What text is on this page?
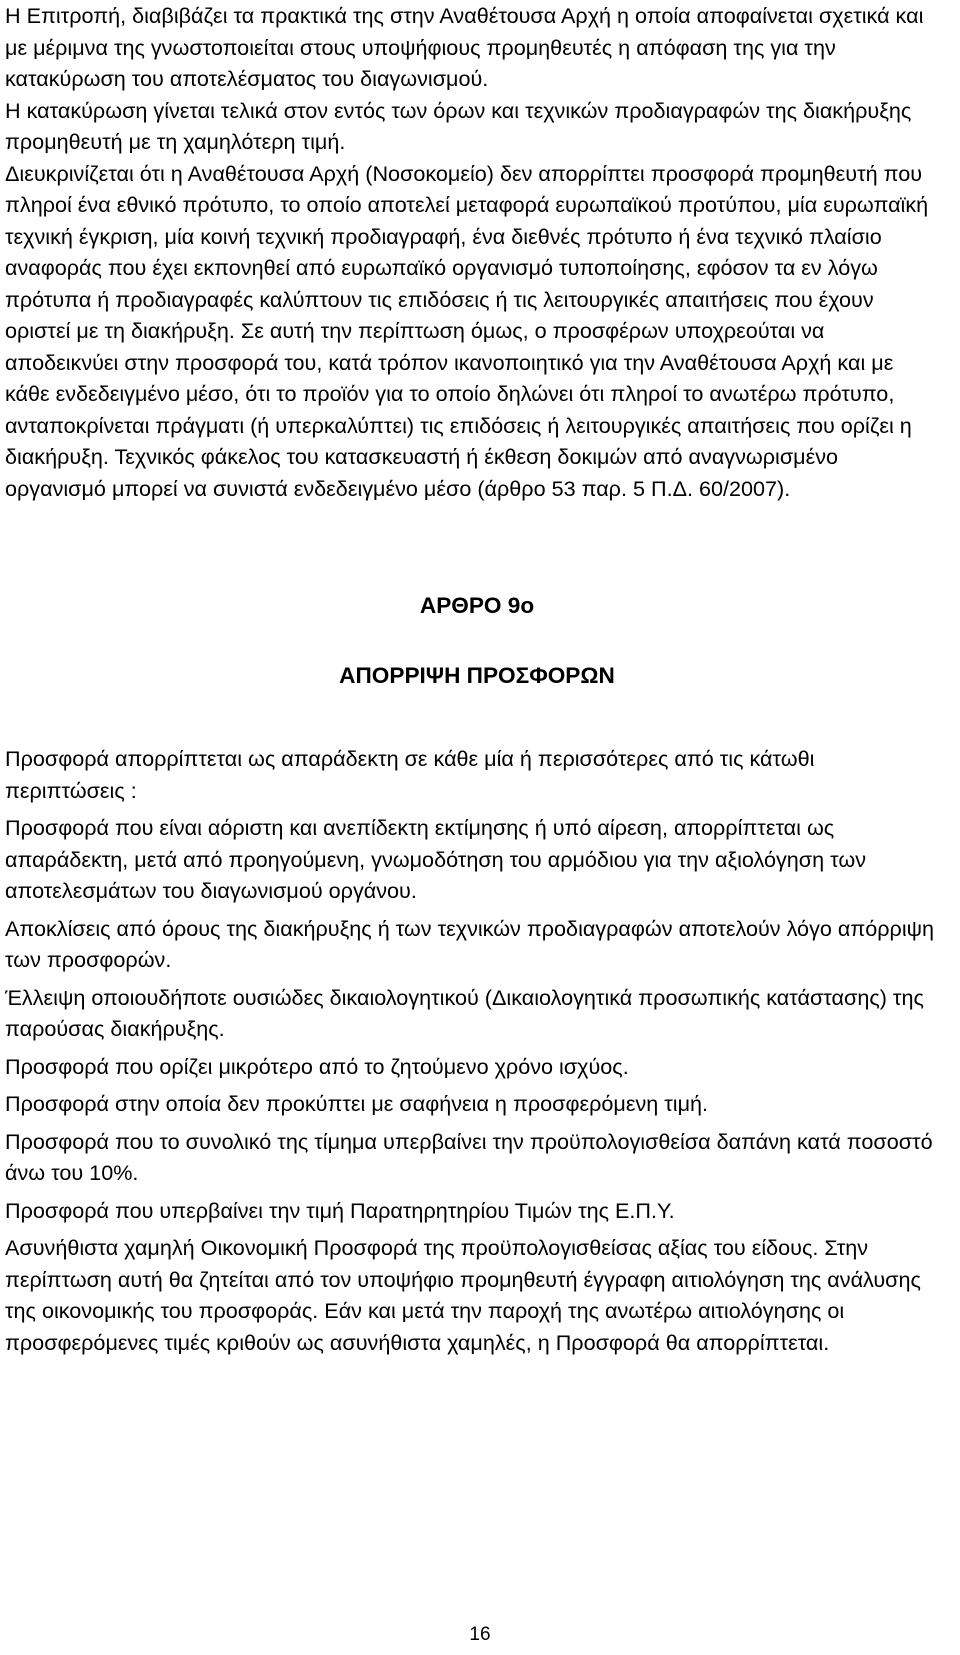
Η Επιτροπή, διαβιβάζει τα πρακτικά της στην Αναθέτουσα Αρχή η οποία αποφαίνεται σχετικά και με μέριμνα της γνωστοποιείται στους υποψήφιους προμηθευτές η απόφαση της για την κατακύρωση του αποτελέσματος του διαγωνισμού.

Η κατακύρωση γίνεται τελικά στον εντός των όρων και τεχνικών προδιαγραφών της διακήρυξης προμηθευτή με τη χαμηλότερη τιμή.

Διευκρινίζεται ότι η Αναθέτουσα Αρχή (Νοσοκομείο) δεν απορρίπτει προσφορά προμηθευτή που πληροί ένα εθνικό πρότυπο, το οποίο αποτελεί μεταφορά ευρωπαϊκού προτύπου, μία ευρωπαϊκή τεχνική έγκριση, μία κοινή τεχνική προδιαγραφή, ένα διεθνές πρότυπο ή ένα τεχνικό πλαίσιο αναφοράς που έχει εκπονηθεί από ευρωπαϊκό οργανισμό τυποποίησης, εφόσον τα εν λόγω πρότυπα ή προδιαγραφές καλύπτουν τις επιδόσεις ή τις λειτουργικές απαιτήσεις που έχουν οριστεί με τη διακήρυξη. Σε αυτή την περίπτωση όμως, ο προσφέρων υποχρεούται να αποδεικνύει στην προσφορά του, κατά τρόπον ικανοποιητικό για την Αναθέτουσα Αρχή και με κάθε ενδεδειγμένο μέσο, ότι το προϊόν για το οποίο δηλώνει ότι πληροί το ανωτέρω πρότυπο, ανταποκρίνεται πράγματι (ή υπερκαλύπτει) τις επιδόσεις ή λειτουργικές απαιτήσεις που ορίζει η διακήρυξη. Τεχνικός φάκελος του κατασκευαστή ή έκθεση δοκιμών από αναγνωρισμένο οργανισμό μπορεί να συνιστά ενδεδειγμένο μέσο (άρθρο 53 παρ. 5 Π.Δ. 60/2007).

ΑΡΘΡΟ 9ο

ΑΠΟΡΡΙΨΗ ΠΡΟΣΦΟΡΩΝ

Προσφορά απορρίπτεται ως απαράδεκτη σε κάθε μία ή περισσότερες από τις κάτωθι περιπτώσεις :

Προσφορά που είναι αόριστη και ανεπίδεκτη εκτίμησης ή υπό αίρεση, απορρίπτεται ως απαράδεκτη, μετά από προηγούμενη, γνωμοδότηση του αρμόδιου για την αξιολόγηση των αποτελεσμάτων του διαγωνισμού οργάνου.

Αποκλίσεις από όρους της διακήρυξης ή των τεχνικών προδιαγραφών αποτελούν λόγο απόρριψη των προσφορών.

Έλλειψη οποιουδήποτε ουσιώδες δικαιολογητικού (Δικαιολογητικά προσωπικής κατάστασης) της παρούσας διακήρυξης.

Προσφορά που ορίζει μικρότερο από το ζητούμενο χρόνο ισχύος.

Προσφορά στην οποία δεν προκύπτει με σαφήνεια η προσφερόμενη τιμή.

Προσφορά που το συνολικό της τίμημα υπερβαίνει την προϋπολογισθείσα δαπάνη κατά ποσοστό άνω του 10%.

Προσφορά που υπερβαίνει την τιμή Παρατηρητηρίου Τιμών της Ε.Π.Υ.

Ασυνήθιστα χαμηλή Οικονομική Προσφορά της προϋπολογισθείσας αξίας του είδους. Στην περίπτωση αυτή θα ζητείται από τον υποψήφιο προμηθευτή έγγραφη αιτιολόγηση της ανάλυσης της οικονομικής του προσφοράς. Εάν και μετά την παροχή της ανωτέρω αιτιολόγησης οι προσφερόμενες τιμές κριθούν ως ασυνήθιστα χαμηλές, η Προσφορά θα απορρίπτεται.

16
